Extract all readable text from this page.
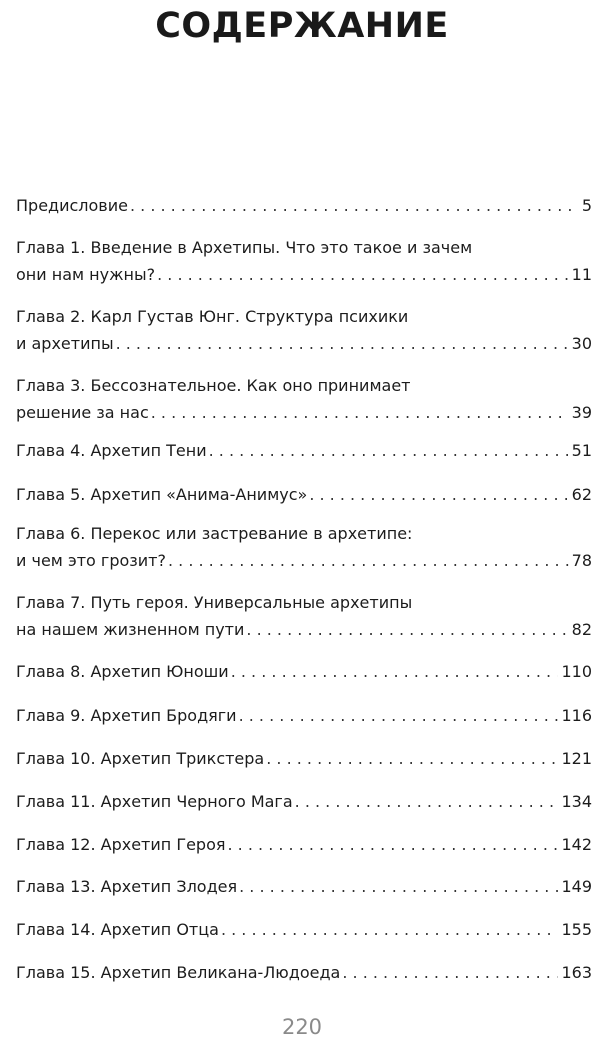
СОДЕРЖАНИЕ
Предисловие . . .	5
Глава 1. Введение в Архетипы. Что это такое и зачем
они нам нужны? . . .	11
Глава 2. Карл Густав Юнг. Структура психики
и архетипы . . .	30
Глава 3. Бессознательное. Как оно принимает
решение за нас . . .	39
Глава 4. Архетип Тени . . .	51
Глава 5. Архетип «Анима-Анимус» . . .	62
Глава 6. Перекос или застревание в архетипе:
и чем это грозит? . . .	78
Глава 7. Путь героя. Универсальные архетипы
на нашем жизненном пути . . .	82
Глава 8. Архетип Юноши . . .	110
Глава 9. Архетип Бродяги . . .	116
Глава 10. Архетип Трикстера . . .	121
Глава 11. Архетип Черного Мага . . .	134
Глава 12. Архетип Героя . . .	142
Глава 13. Архетип Злодея . . .	149
Глава 14. Архетип Отца . . .	155
Глава 15. Архетип Великана-Людоеда . . .	163
220
